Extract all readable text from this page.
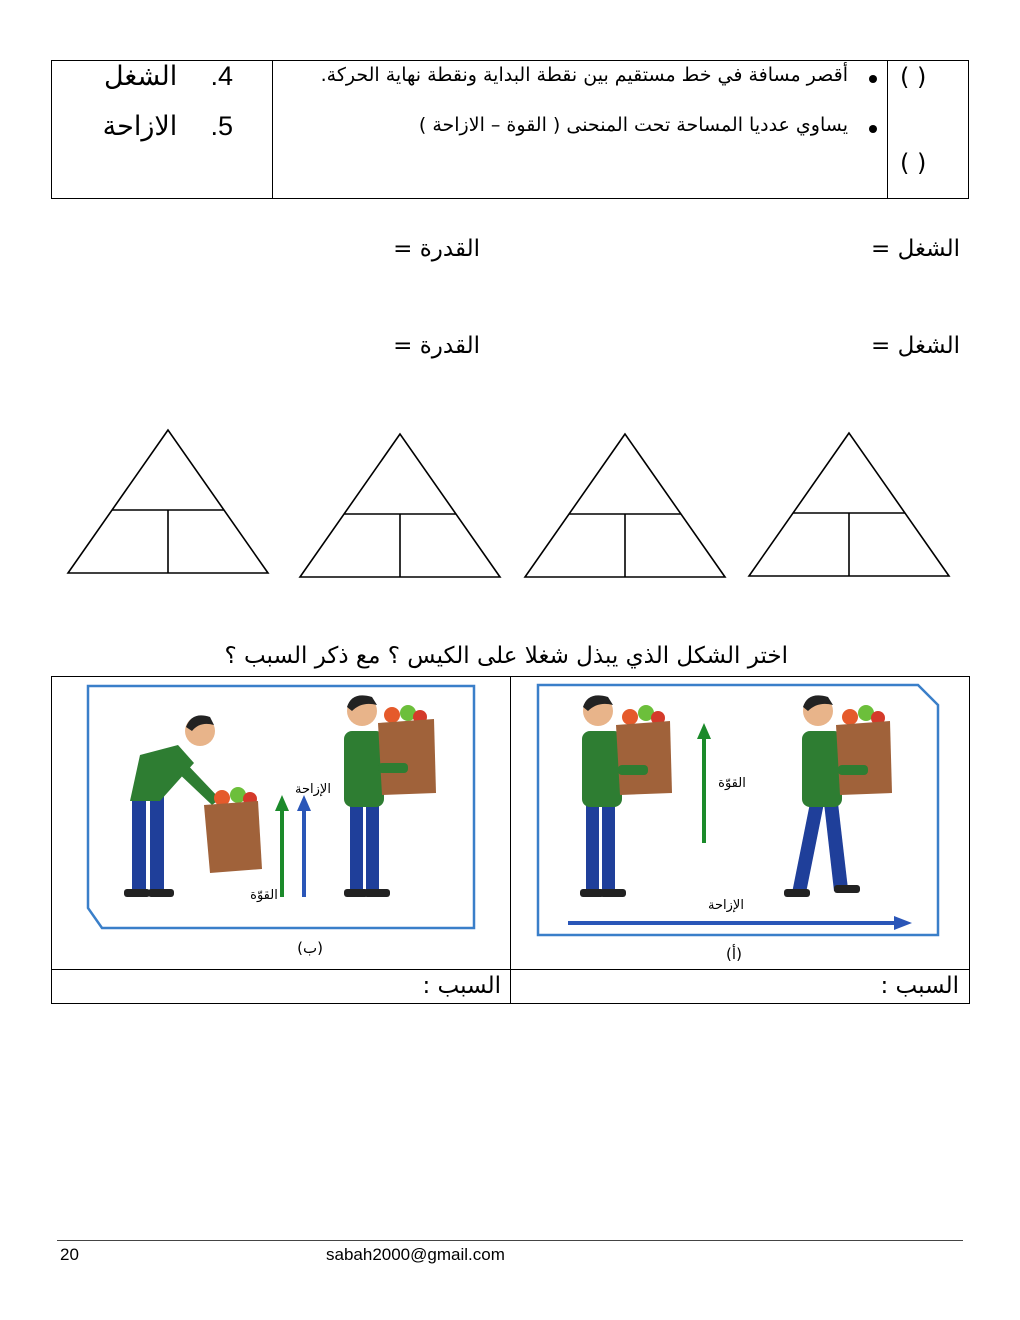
( )
( )
أقصر مسافة في خط مستقيم بين نقطة البداية ونقطة نهاية الحركة.
يساوي عدديا المساحة تحت المنحنى ( القوة – الازاحة )
4.  الشغل
5.  الازاحة
الشغل =
القدرة =
الشغل =
القدرة =
اختر الشكل الذي يبذل شغلا على الكيس ؟ مع ذكر السبب ؟
الإزاحة
القوّة
(ب)
القوّة
الإزاحة
(أ)
السبب :
السبب :
20	sabah2000@gmail.com
